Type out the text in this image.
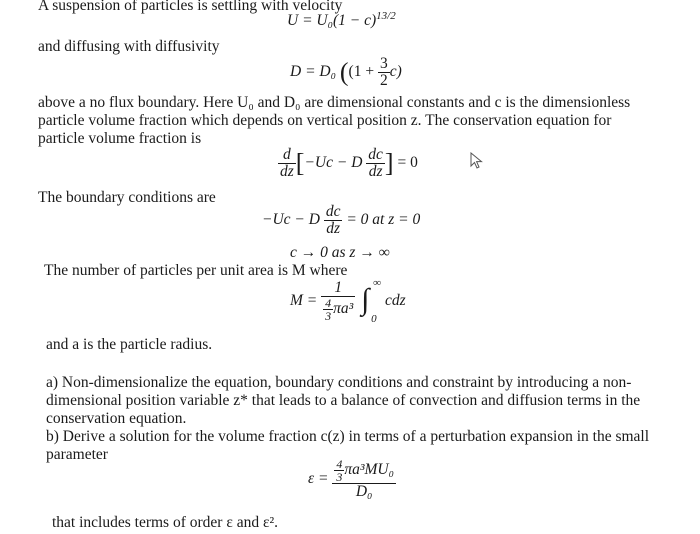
A suspension of particles is settling with velocity
$U = U_0(1 - c)^{13/2}$
and diffusing with diffusivity
D = D₀ ($(1 + \frac{3}{2} c)$
above a no flux boundary. Here U₀ and D₀ are dimensional constants and c is the dimensionless
particle volume fraction which depends on vertical position z. The conservation equation for
particle volume fraction is
$\frac{d}{dz} [-Uc - D \frac{dc}{dz}$ ] = 0
The boundary conditions are
−Uc − D $\frac{dc}{dz} = 0$ at z = 0
c → 0 as z → ∞
The number of particles per unit area is M where
$M = \frac{1}{\frac{4}{3} \pi a^3}$
∫ ∞
0
cdz
and a is the particle radius.
a) Non-dimensionalize the equation, boundary conditions and constraint by introducing a non-
dimensional position variable z* that leads to a balance of convection and diffusion terms in the
conservation equation.
b) Derive a solution for the volume fraction c(z) in terms of a perturbation expansion in the small
parameter
$\varepsilon = \frac{\frac{4}{3} \pi a^3MU_0}{\text{D₀}}$
that includes terms of order ε and ε².
